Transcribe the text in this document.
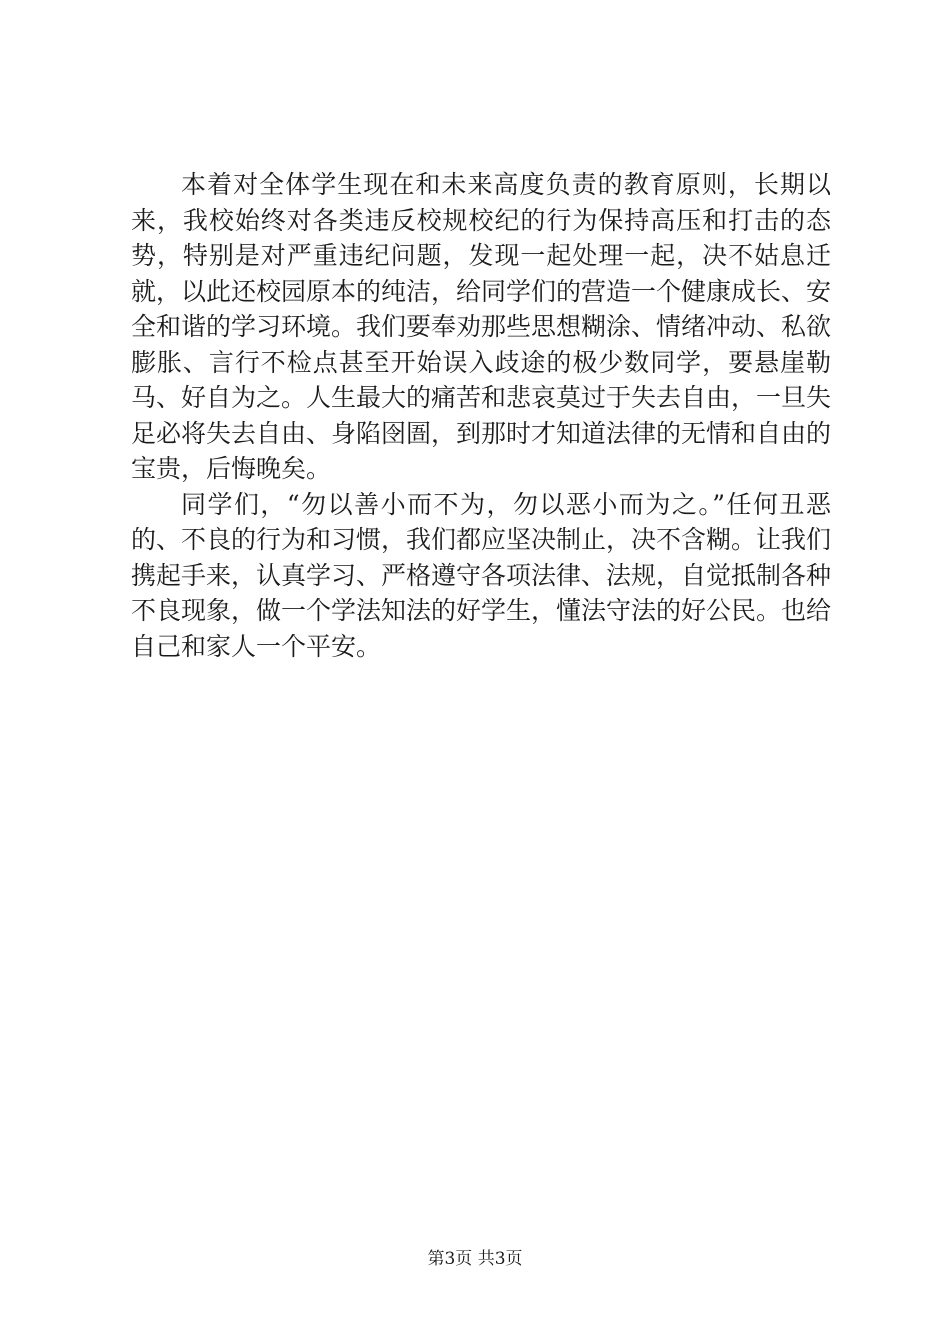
本着对全体学生现在和未来高度负责的教育原则，长期以来，我校始终对各类违反校规校纪的行为保持高压和打击的态势，特别是对严重违纪问题，发现一起处理一起，决不姑息迁就，以此还校园原本的纯洁，给同学们的营造一个健康成长、安全和谐的学习环境。我们要奉劝那些思想糊涂、情绪冲动、私欲膨胀、言行不检点甚至开始误入歧途的极少数同学，要悬崖勒马、好自为之。人生最大的痛苦和悲哀莫过于失去自由，一旦失足必将失去自由、身陷囹圄，到那时才知道法律的无情和自由的宝贵，后悔晚矣。

同学们，“勿以善小而不为，勿以恶小而为之。”任何丑恶的、不良的行为和习惯，我们都应坚决制止，决不含糊。让我们携起手来，认真学习、严格遵守各项法律、法规，自觉抵制各种不良现象，做一个学法知法的好学生，懂法守法的好公民。也给自己和家人一个平安。

第3页 共3页
